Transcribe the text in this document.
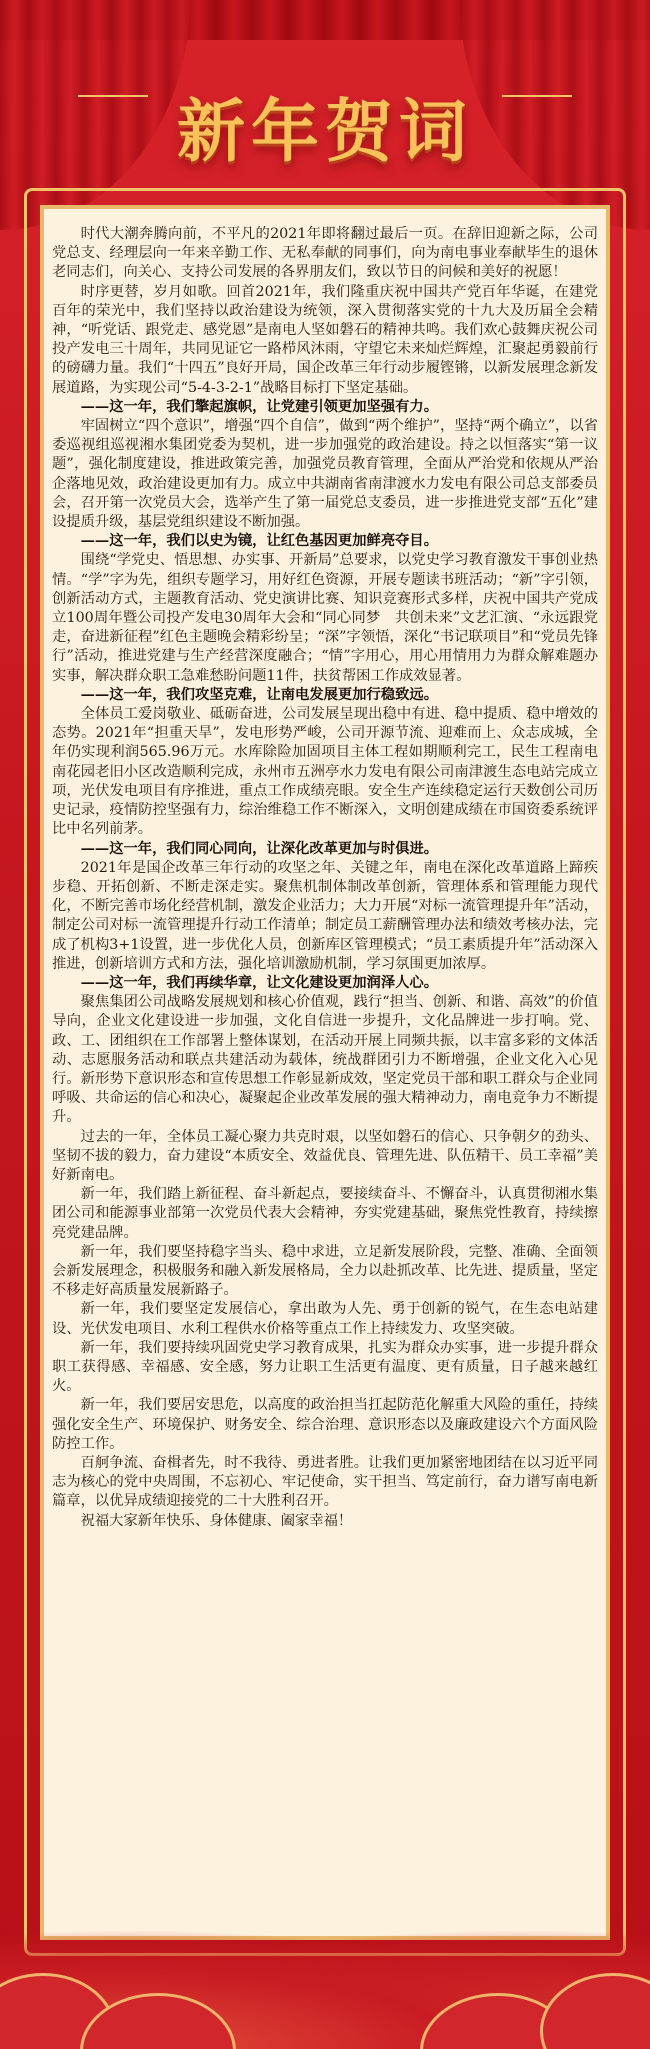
新年贺词

时代大潮奔腾向前，不平凡的2021年即将翻过最后一页。在辞旧迎新之际，公司党总支、经理层向一年来辛勤工作、无私奉献的同事们，向为南电事业奉献毕生的退休老同志们，向关心、支持公司发展的各界朋友们，致以节日的问候和美好的祝愿！

时序更替，岁月如歌。回首2021年，我们隆重庆祝中国共产党百年华诞，在建党百年的荣光中，我们坚持以政治建设为统领，深入贯彻落实党的十九大及历届全会精神，“听党话、跟党走、感党恩”是南电人坚如磐石的精神共鸣。我们欢心鼓舞庆祝公司投产发电三十周年，共同见证它一路栉风沐雨，守望它未来灿烂辉煌，汇聚起勇毅前行的磅礴力量。我们“十四五”良好开局，国企改革三年行动步履铿锵，以新发展理念新发展道路，为实现公司“5-4-3-2-1”战略目标打下坚定基础。

——这一年，我们擎起旗帜，让党建引领更加坚强有力。

牢固树立“四个意识”，增强“四个自信”，做到“两个维护”，坚持“两个确立”，以省委巡视组巡视湘水集团党委为契机，进一步加强党的政治建设。持之以恒落实“第一议题”，强化制度建设，推进政策完善，加强党员教育管理，全面从严治党和依规从严治企落地见效，政治建设更加有力。成立中共湖南省南津渡水力发电有限公司总支部委员会，召开第一次党员大会，选举产生了第一届党总支委员，进一步推进党支部“五化”建设提质升级，基层党组织建设不断加强。

——这一年，我们以史为镜，让红色基因更加鲜亮夺目。

围绕“学党史、悟思想、办实事、开新局”总要求，以党史学习教育激发干事创业热情。“学”字为先，组织专题学习，用好红色资源，开展专题读书班活动；“新”字引领，创新活动方式，主题教育活动、党史演讲比赛、知识竞赛形式多样，庆祝中国共产党成立100周年暨公司投产发电30周年大会和“同心同梦　共创未来”文艺汇演、“永远跟党走，奋进新征程”红色主题晚会精彩纷呈；“深”字领悟，深化“书记联项目”和“党员先锋行”活动，推进党建与生产经营深度融合；“情”字用心，用心用情用力为群众解难题办实事，解决群众职工急难愁盼问题11件，扶贫帮困工作成效显著。

——这一年，我们攻坚克难，让南电发展更加行稳致远。

全体员工爱岗敬业、砥砺奋进，公司发展呈现出稳中有进、稳中提质、稳中增效的态势。2021年“担重天旱”，发电形势严峻，公司开源节流、迎难而上、众志成城，全年仍实现利润565.96万元。水库除险加固项目主体工程如期顺利完工，民生工程南电南花园老旧小区改造顺利完成，永州市五洲亭水力发电有限公司南津渡生态电站完成立项，光伏发电项目有序推进，重点工作成绩亮眼。安全生产连续稳定运行天数创公司历史记录，疫情防控坚强有力，综治维稳工作不断深入，文明创建成绩在市国资委系统评比中名列前茅。

——这一年，我们同心同向，让深化改革更加与时俱进。

2021年是国企改革三年行动的攻坚之年、关键之年，南电在深化改革道路上蹄疾步稳、开拓创新、不断走深走实。聚焦机制体制改革创新，管理体系和管理能力现代化，不断完善市场化经营机制，激发企业活力；大力开展“对标一流管理提升年”活动，制定公司对标一流管理提升行动工作清单；制定员工薪酬管理办法和绩效考核办法，完成了机构3+1设置，进一步优化人员，创新库区管理模式；“员工素质提升年”活动深入推进，创新培训方式和方法，强化培训激励机制，学习氛围更加浓厚。

——这一年，我们再续华章，让文化建设更加润泽人心。

聚焦集团公司战略发展规划和核心价值观，践行“担当、创新、和谐、高效”的价值导向，企业文化建设进一步加强，文化自信进一步提升，文化品牌进一步打响。党、政、工、团组织在工作部署上整体谋划，在活动开展上同频共振，以丰富多彩的文体活动、志愿服务活动和联点共建活动为载体，统战群团引力不断增强，企业文化入心见行。新形势下意识形态和宣传思想工作彰显新成效，坚定党员干部和职工群众与企业同呼吸、共命运的信心和决心，凝聚起企业改革发展的强大精神动力，南电竞争力不断提升。

过去的一年，全体员工凝心聚力共克时艰，以坚如磐石的信心、只争朝夕的劲头、坚韧不拔的毅力，奋力建设“本质安全、效益优良、管理先进、队伍精干、员工幸福”美好新南电。

新一年，我们踏上新征程、奋斗新起点，要接续奋斗、不懈奋斗，认真贯彻湘水集团公司和能源事业部第一次党员代表大会精神，夯实党建基础，聚焦党性教育，持续擦亮党建品牌。

新一年，我们要坚持稳字当头、稳中求进，立足新发展阶段，完整、准确、全面领会新发展理念，积极服务和融入新发展格局，全力以赴抓改革、比先进、提质量，坚定不移走好高质量发展新路子。

新一年，我们要坚定发展信心，拿出敢为人先、勇于创新的锐气，在生态电站建设、光伏发电项目、水利工程供水价格等重点工作上持续发力、攻坚突破。

新一年，我们要持续巩固党史学习教育成果，扎实为群众办实事，进一步提升群众职工获得感、幸福感、安全感，努力让职工生活更有温度、更有质量，日子越来越红火。

新一年，我们要居安思危，以高度的政治担当扛起防范化解重大风险的重任，持续强化安全生产、环境保护、财务安全、综合治理、意识形态以及廉政建设六个方面风险防控工作。

百舸争流、奋楫者先，时不我待、勇进者胜。让我们更加紧密地团结在以习近平同志为核心的党中央周围，不忘初心、牢记使命，实干担当、笃定前行，奋力谱写南电新篇章，以优异成绩迎接党的二十大胜利召开。

祝福大家新年快乐、身体健康、阖家幸福！
